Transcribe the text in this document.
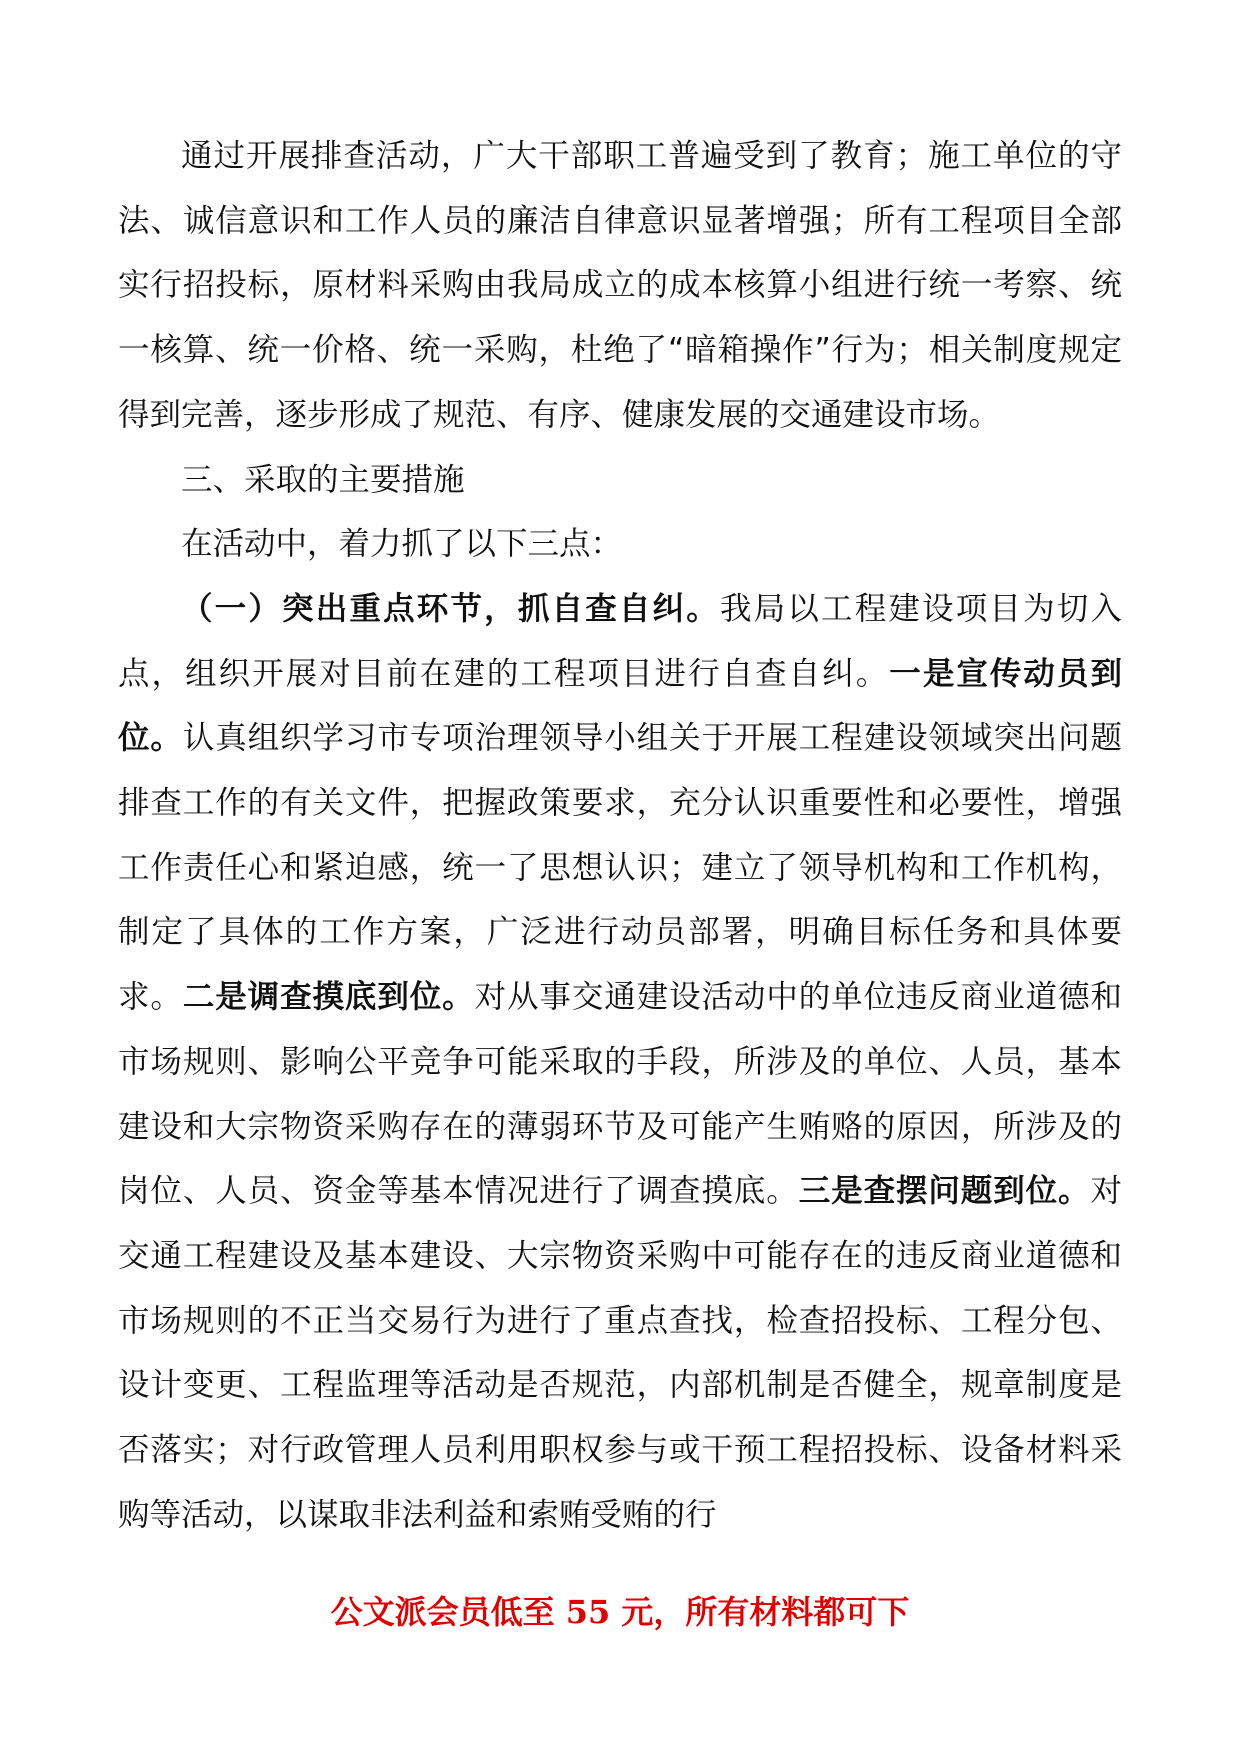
通过开展排查活动，广大干部职工普遍受到了教育；施工单位的守法、诚信意识和工作人员的廉洁自律意识显著增强；所有工程项目全部实行招投标，原材料采购由我局成立的成本核算小组进行统一考察、统一核算、统一价格、统一采购，杜绝了“暗箱操作”行为；相关制度规定得到完善，逐步形成了规范、有序、健康发展的交通建设市场。

三、采取的主要措施

在活动中，着力抓了以下三点：

（一）突出重点环节，抓自查自纠。我局以工程建设项目为切入点，组织开展对目前在建的工程项目进行自查自纠。一是宣传动员到位。认真组织学习市专项治理领导小组关于开展工程建设领域突出问题排查工作的有关文件，把握政策要求，充分认识重要性和必要性，增强工作责任心和紧迫感，统一了思想认识；建立了领导机构和工作机构，制定了具体的工作方案，广泛进行动员部署，明确目标任务和具体要求。二是调查摸底到位。对从事交通建设活动中的单位违反商业道德和市场规则、影响公平竞争可能采取的手段，所涉及的单位、人员，基本建设和大宗物资采购存在的薄弱环节及可能产生贿赂的原因，所涉及的岗位、人员、资金等基本情况进行了调查摸底。三是查摆问题到位。对交通工程建设及基本建设、大宗物资采购中可能存在的违反商业道德和市场规则的不正当交易行为进行了重点查找，检查招投标、工程分包、设计变更、工程监理等活动是否规范，内部机制是否健全，规章制度是否落实；对行政管理人员利用职权参与或干预工程招投标、设备材料采购等活动，以谋取非法利益和索贿受贿的行

公文派会员低至 55 元，所有材料都可下
